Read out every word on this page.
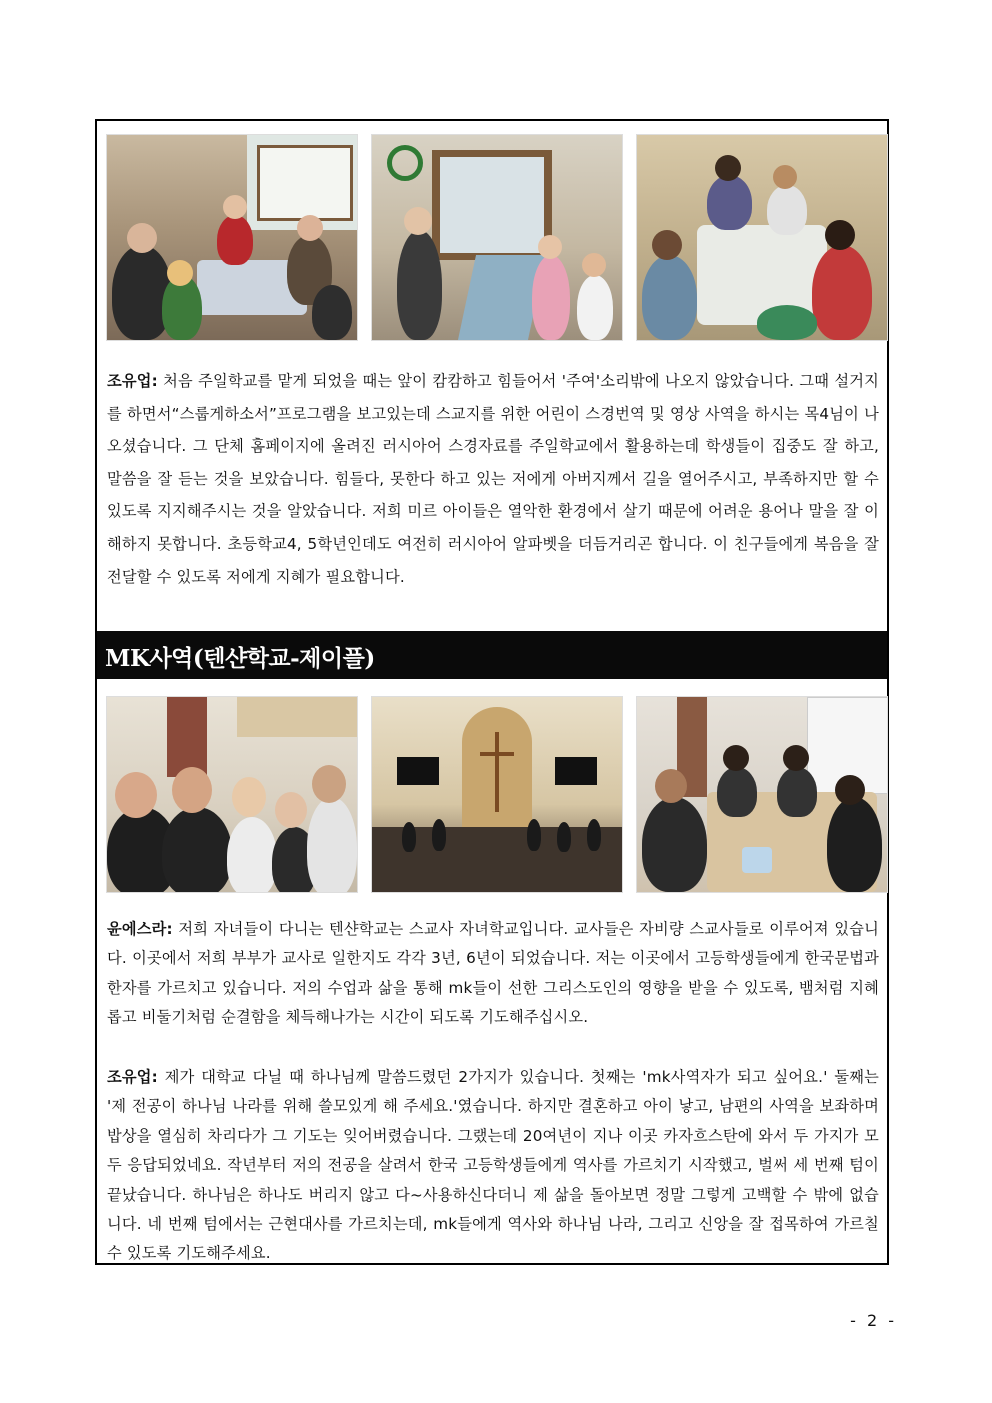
조유업: 처음 주일학교를 맡게 되었을 때는 앞이 캄캄하고 힘들어서 '주여'소리밖에 나오지 않았습니다. 그때 설거지를 하면서“스룹게하소서”프로그램을 보고있는데 스교지를 위한 어린이 스경번역 및 영상 사역을 하시는 목4님이 나오셨습니다. 그 단체 홈페이지에 올려진 러시아어 스경자료를 주일학교에서 활용하는데 학생들이 집중도 잘 하고, 말씀을 잘 듣는 것을 보았습니다. 힘들다, 못한다 하고 있는 저에게 아버지께서 길을 열어주시고, 부족하지만 할 수 있도록 지지해주시는 것을 알았습니다. 저희 미르 아이들은 열악한 환경에서 살기 때문에 어려운 용어나 말을 잘 이해하지 못합니다. 초등학교4, 5학년인데도 여전히 러시아어 알파벳을 더듬거리곤 합니다. 이 친구들에게 복음을 잘 전달할 수 있도록 저에게 지혜가 필요합니다.

MK사역(텐샨학교-제이플)

윤에스라: 저희 자녀들이 다니는 텐샨학교는 스교사 자녀학교입니다. 교사들은 자비량 스교사들로 이루어져 있습니다. 이곳에서 저희 부부가 교사로 일한지도 각각 3년, 6년이 되었습니다. 저는 이곳에서 고등학생들에게 한국문법과 한자를 가르치고 있습니다. 저의 수업과 삶을 통해 mk들이 선한 그리스도인의 영향을 받을 수 있도록, 뱀처럼 지혜롭고 비둘기처럼 순결함을 체득해나가는 시간이 되도록 기도해주십시오.

조유업: 제가 대학교 다닐 때 하나님께 말씀드렸던 2가지가 있습니다. 첫째는 'mk사역자가 되고 싶어요.' 둘째는 '제 전공이 하나님 나라를 위해 쓸모있게 해 주세요.'였습니다. 하지만 결혼하고 아이 낳고, 남편의 사역을 보좌하며 밥상을 열심히 차리다가 그 기도는 잊어버렸습니다. 그랬는데 20여년이 지나 이곳 카자흐스탄에 와서 두 가지가 모두 응답되었네요. 작년부터 저의 전공을 살려서 한국 고등학생들에게 역사를 가르치기 시작했고, 벌써 세 번째 텀이 끝났습니다. 하나님은 하나도 버리지 않고 다~사용하신다더니 제 삶을 돌아보면 정말 그렇게 고백할 수 밖에 없습니다. 네 번째 텀에서는 근현대사를 가르치는데, mk들에게 역사와 하나님 나라, 그리고 신앙을 잘 접목하여 가르칠 수 있도록 기도해주세요.

- 2 -
